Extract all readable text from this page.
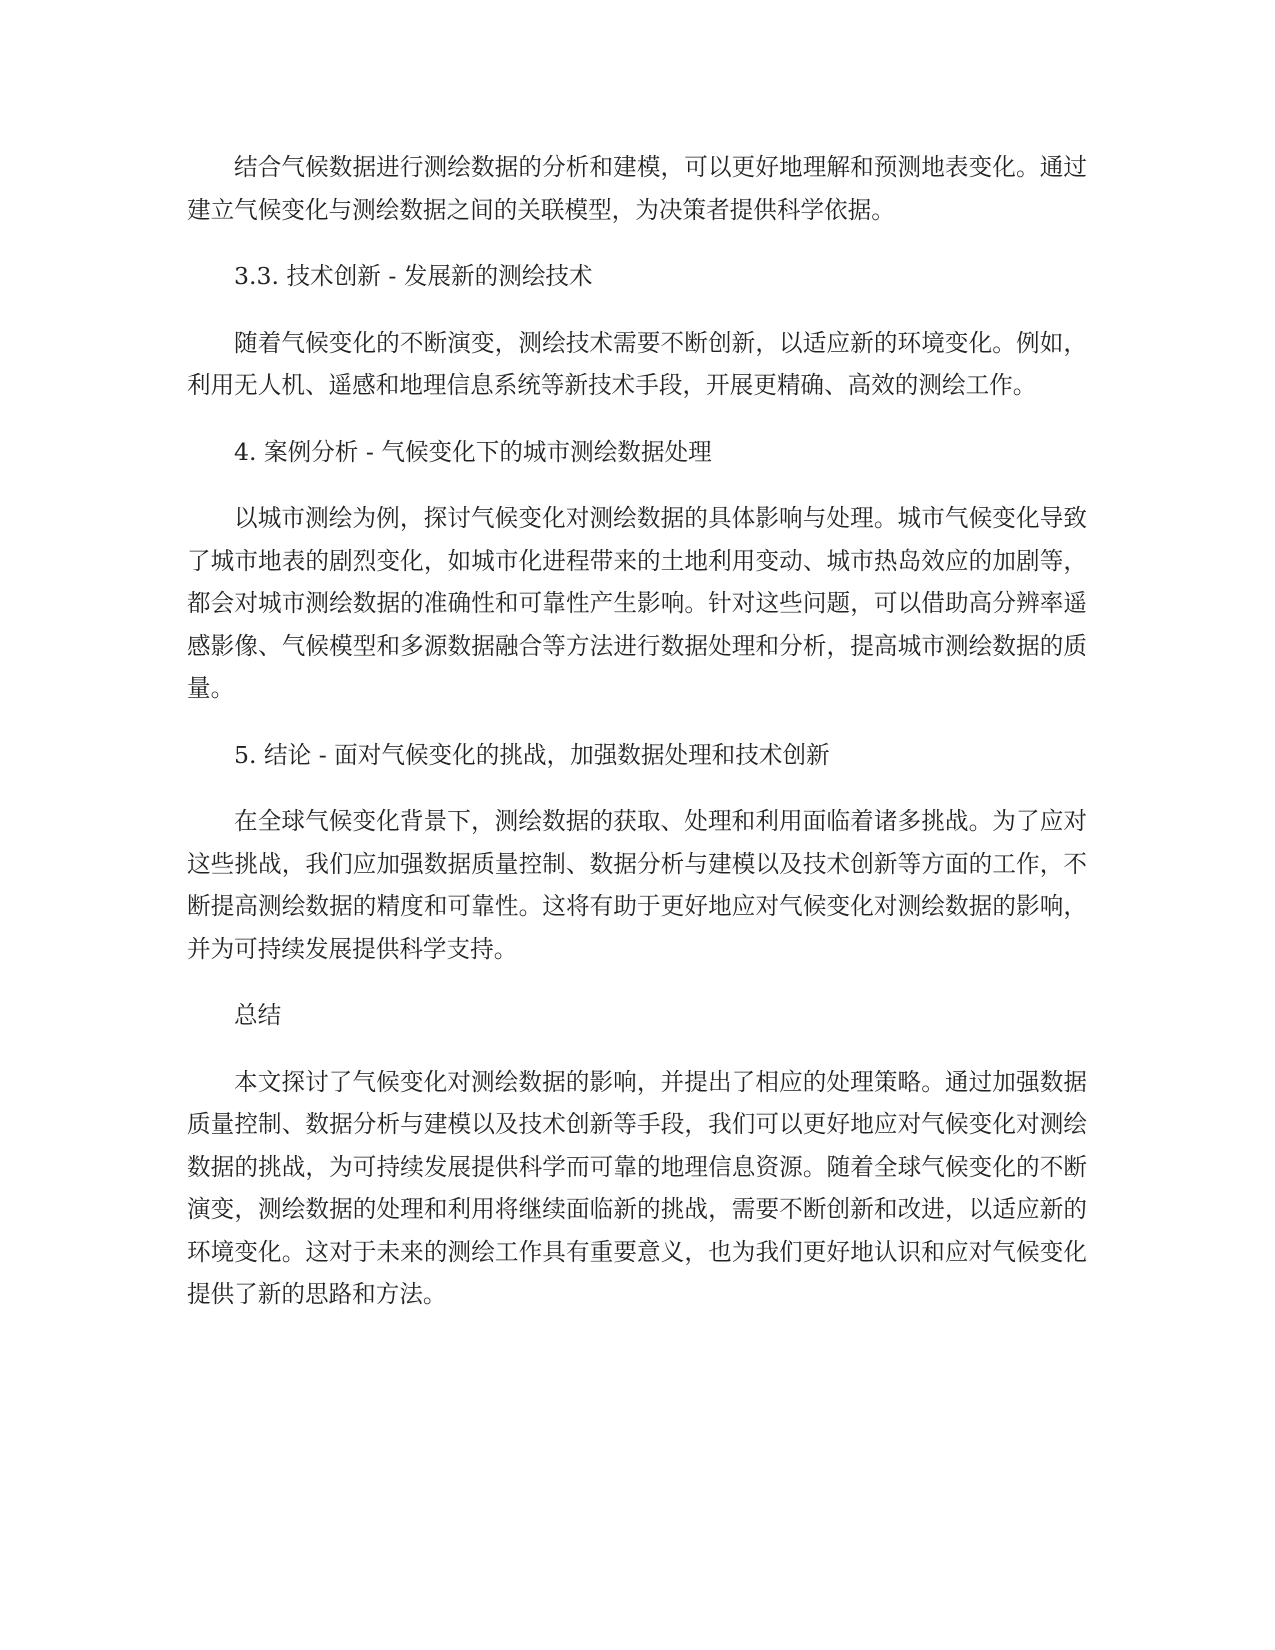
结合气候数据进行测绘数据的分析和建模，可以更好地理解和预测地表变化。通过建立气候变化与测绘数据之间的关联模型，为决策者提供科学依据。

3.3. 技术创新 - 发展新的测绘技术

随着气候变化的不断演变，测绘技术需要不断创新，以适应新的环境变化。例如，利用无人机、遥感和地理信息系统等新技术手段，开展更精确、高效的测绘工作。

4. 案例分析 - 气候变化下的城市测绘数据处理

以城市测绘为例，探讨气候变化对测绘数据的具体影响与处理。城市气候变化导致了城市地表的剧烈变化，如城市化进程带来的土地利用变动、城市热岛效应的加剧等，都会对城市测绘数据的准确性和可靠性产生影响。针对这些问题，可以借助高分辨率遥感影像、气候模型和多源数据融合等方法进行数据处理和分析，提高城市测绘数据的质量。

5. 结论 - 面对气候变化的挑战，加强数据处理和技术创新

在全球气候变化背景下，测绘数据的获取、处理和利用面临着诸多挑战。为了应对这些挑战，我们应加强数据质量控制、数据分析与建模以及技术创新等方面的工作，不断提高测绘数据的精度和可靠性。这将有助于更好地应对气候变化对测绘数据的影响，并为可持续发展提供科学支持。

总结

本文探讨了气候变化对测绘数据的影响，并提出了相应的处理策略。通过加强数据质量控制、数据分析与建模以及技术创新等手段，我们可以更好地应对气候变化对测绘数据的挑战，为可持续发展提供科学而可靠的地理信息资源。随着全球气候变化的不断演变，测绘数据的处理和利用将继续面临新的挑战，需要不断创新和改进，以适应新的环境变化。这对于未来的测绘工作具有重要意义，也为我们更好地认识和应对气候变化提供了新的思路和方法。
